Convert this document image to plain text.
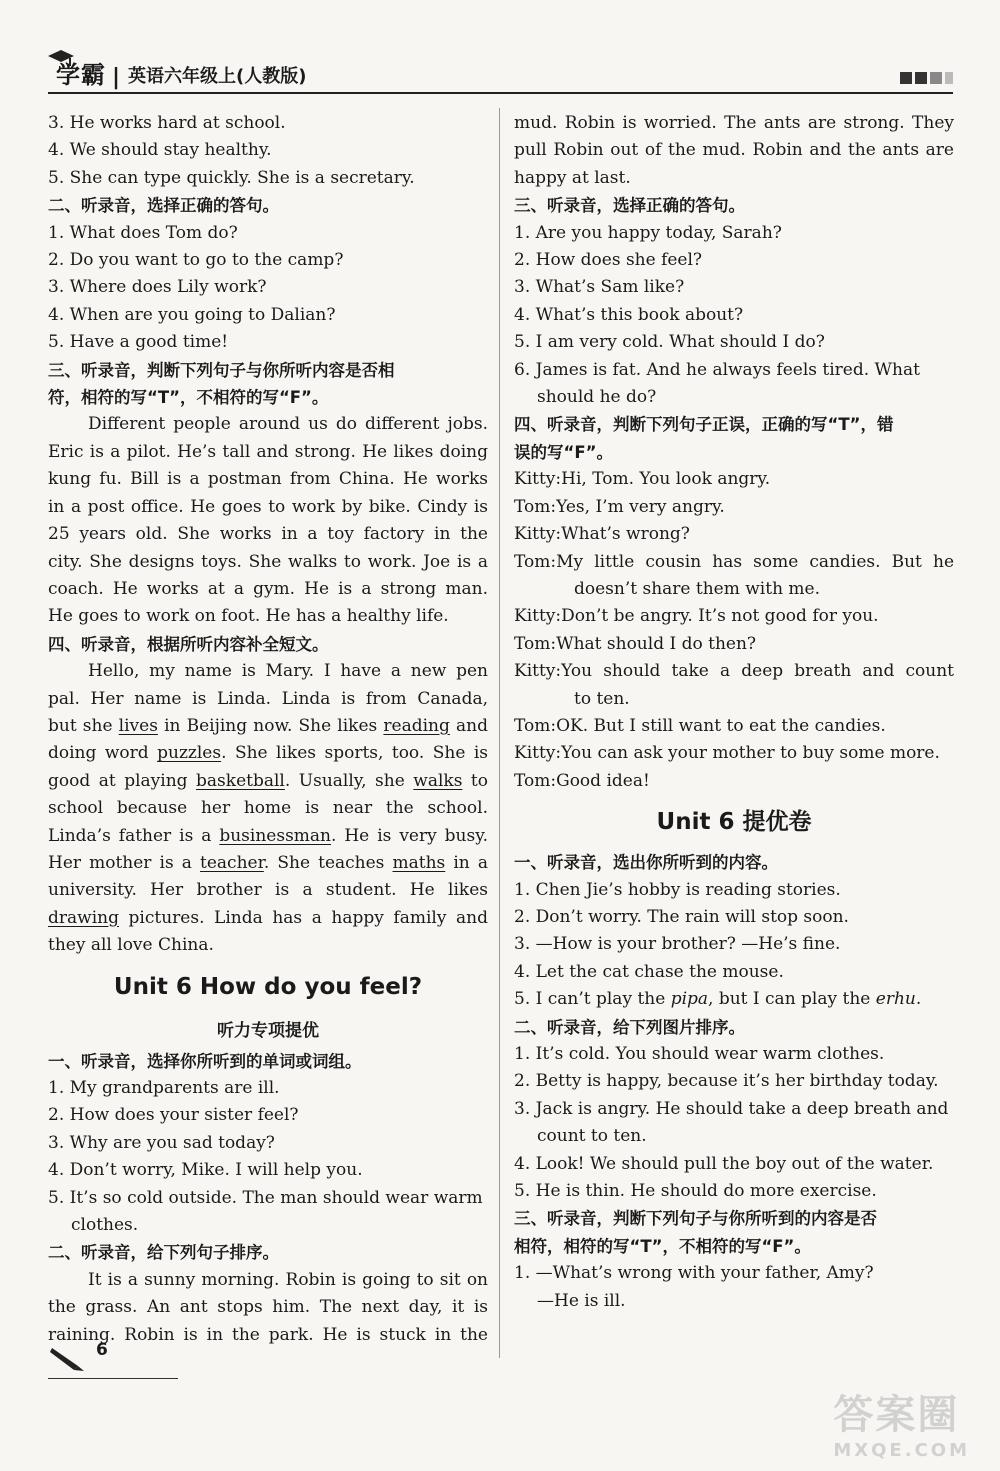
学霸 | 英语六年级上(人教版)
3. He works hard at school.
4. We should stay healthy.
5. She can type quickly. She is a secretary.
二、听录音，选择正确的答句。
1. What does Tom do?
2. Do you want to go to the camp?
3. Where does Lily work?
4. When are you going to Dalian?
5. Have a good time!
三、听录音，判断下列句子与你所听内容是否相
符，相符的写“T”，不相符的写“F”。
Different people around us do different jobs.
Eric is a pilot. He’s tall and strong. He likes doing
kung fu. Bill is a postman from China. He works
in a post office. He goes to work by bike. Cindy is
25 years old. She works in a toy factory in the
city. She designs toys. She walks to work. Joe is a
coach. He works at a gym. He is a strong man.
He goes to work on foot. He has a healthy life.
四、听录音，根据所听内容补全短文。
Hello, my name is Mary. I have a new pen
pal. Her name is Linda. Linda is from Canada,
but she lives in Beijing now. She likes reading and
doing word puzzles. She likes sports, too. She is
good at playing basketball. Usually, she walks to
school because her home is near the school.
Linda’s father is a businessman. He is very busy.
Her mother is a teacher. She teaches maths in a
university. Her brother is a student. He likes
drawing pictures. Linda has a happy family and
they all love China.
Unit 6 How do you feel?
听力专项提优
一、听录音，选择你所听到的单词或词组。
1. My grandparents are ill.
2. How does your sister feel?
3. Why are you sad today?
4. Don’t worry, Mike. I will help you.
5. It’s so cold outside. The man should wear warm
clothes.
二、听录音，给下列句子排序。
It is a sunny morning. Robin is going to sit on
the grass. An ant stops him. The next day, it is
raining. Robin is in the park. He is stuck in the
mud. Robin is worried. The ants are strong. They
pull Robin out of the mud. Robin and the ants are
happy at last.
三、听录音，选择正确的答句。
1. Are you happy today, Sarah?
2. How does she feel?
3. What’s Sam like?
4. What’s this book about?
5. I am very cold. What should I do?
6. James is fat. And he always feels tired. What
should he do?
四、听录音，判断下列句子正误，正确的写“T”，错
误的写“F”。
Kitty: Hi, Tom. You look angry.
Tom: Yes, I’m very angry.
Kitty: What’s wrong?
Tom: My little cousin has some candies. But he
doesn’t share them with me.
Kitty: Don’t be angry. It’s not good for you.
Tom: What should I do then?
Kitty: You should take a deep breath and count
to ten.
Tom: OK. But I still want to eat the candies.
Kitty: You can ask your mother to buy some more.
Tom: Good idea!
Unit 6 提优卷
一、听录音，选出你所听到的内容。
1. Chen Jie’s hobby is reading stories.
2. Don’t worry. The rain will stop soon.
3. —How is your brother? —He’s fine.
4. Let the cat chase the mouse.
5. I can’t play the pipa, but I can play the erhu.
二、听录音，给下列图片排序。
1. It’s cold. You should wear warm clothes.
2. Betty is happy, because it’s her birthday today.
3. Jack is angry. He should take a deep breath and
count to ten.
4. Look! We should pull the boy out of the water.
5. He is thin. He should do more exercise.
三、听录音，判断下列句子与你所听到的内容是否
相符，相符的写“T”，不相符的写“F”。
1. —What’s wrong with your father, Amy?
—He is ill.
6
答案圈
MXQE.COM
